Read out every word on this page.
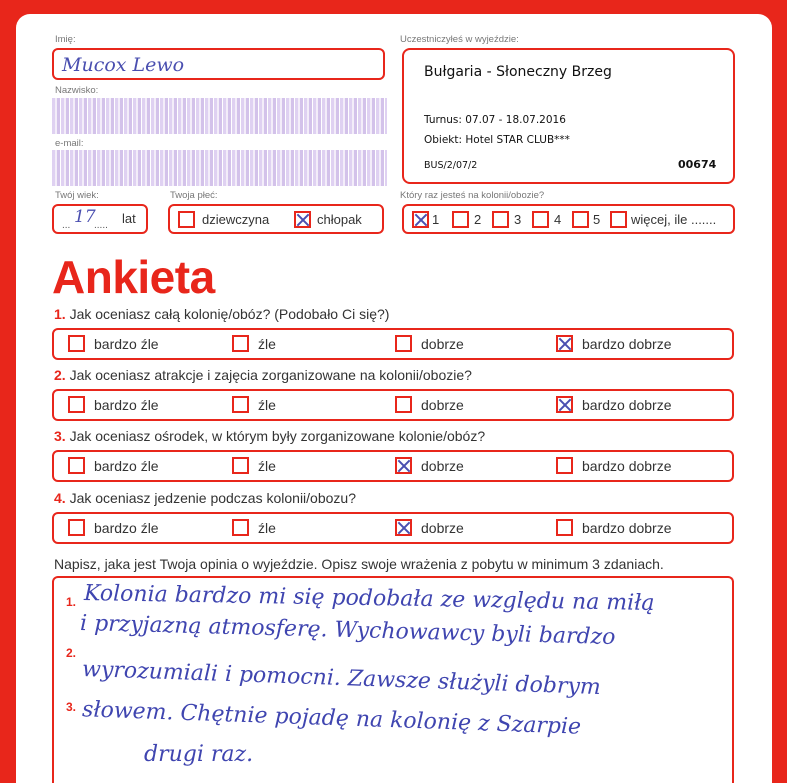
Imię:
Mucox Lewo
Nazwisko:
e-mail:
Uczestniczyłeś w wyjeździe:
Bułgaria - Słoneczny Brzeg
Turnus: 07.07 - 18.07.2016
Obiekt: Hotel STAR CLUB***
BUS/2/07/2	00674
Twój wiek:
... 17
..... lat
Twoja płeć:
dziewczyna	chłopak
Który raz jesteś na kolonii/obozie?
1	2	3	4 5 więcej, ile .......
Ankieta
1. Jak oceniasz całą kolonię/obóz? (Podobało Ci się?)
bardzo źle	źle	dobrze	bardzo dobrze
2. Jak oceniasz atrakcje i zajęcia zorganizowane na kolonii/obozie?
bardzo źle	źle	dobrze	bardzo dobrze
3. Jak oceniasz ośrodek, w którym były zorganizowane kolonie/obóz?
bardzo źle	źle	dobrze	bardzo dobrze
4. Jak oceniasz jedzenie podczas kolonii/obozu?
bardzo źle	źle	dobrze	bardzo dobrze
Napisz, jaka jest Twoja opinia o wyjeździe. Opisz swoje wrażenia z pobytu w minimum 3 zdaniach.
1.
2.
3.
Kolonia bardzo mi się podobała ze względu na miłą
i przyjazną atmosferę. Wychowawcy byli bardzo
wyrozumiali i pomocni. Zawsze służyli dobrym
słowem. Chętnie pojadę na kolonię z Szarpie
drugi raz.
